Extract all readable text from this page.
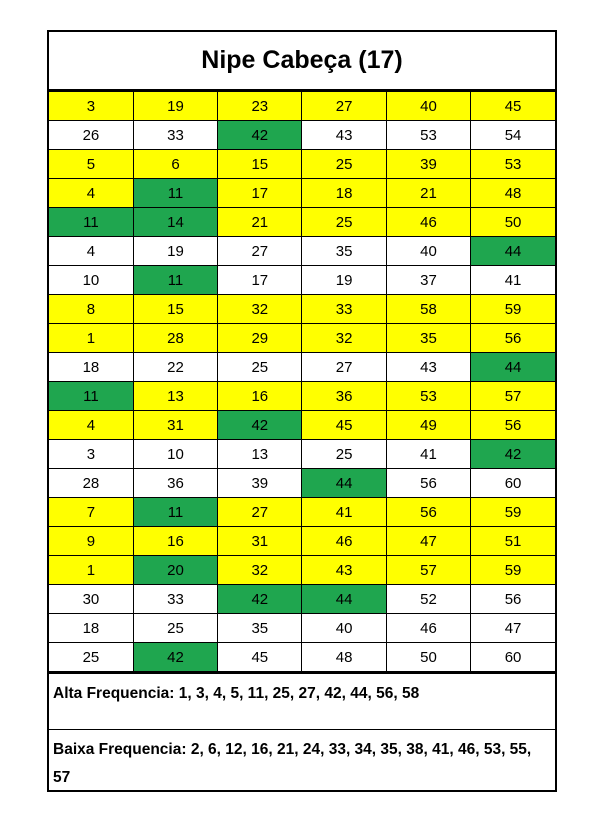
Nipe Cabeça (17)
3	19	23	27	40	45
26	33	42	43	53	54
5	6	15	25	39	53
4	11	17	18	21	48
11	14	21	25	46	50
4	19	27	35	40	44
10	11	17	19	37	41
8	15	32	33	58	59
1	28	29	32	35	56
18	22	25	27	43	44
11	13	16	36	53	57
4	31	42	45	49	56
3	10	13	25	41	42
28	36	39	44	56	60
7	11	27	41	56	59
9	16	31	46	47	51
1	20	32	43	57	59
30	33	42	44	52	56
18	25	35	40	46	47
25	42	45	48	50	60
Alta Frequencia: 1, 3, 4, 5, 11, 25, 27, 42, 44, 56, 58
Baixa Frequencia: 2, 6, 12, 16, 21, 24, 33, 34, 35, 38, 41, 46, 53, 55, 57
